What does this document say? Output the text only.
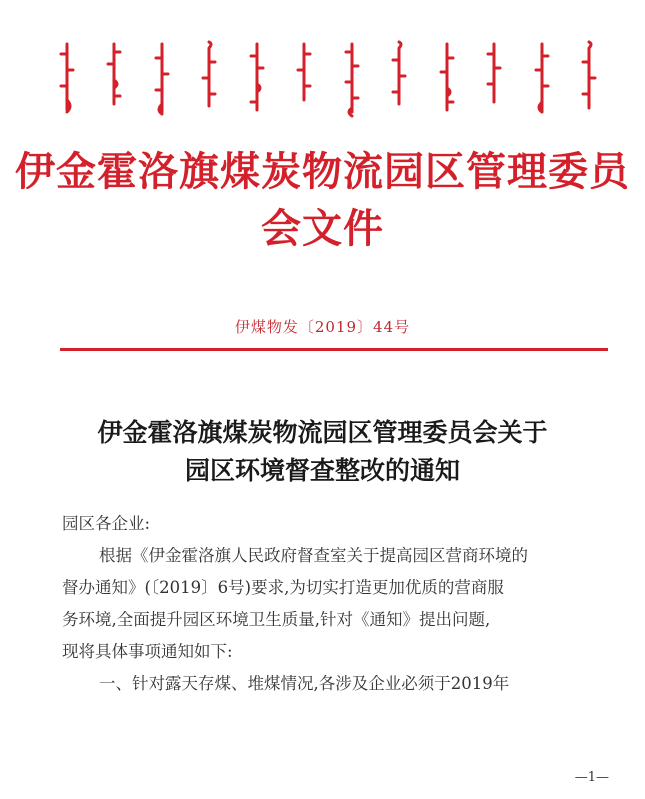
伊金霍洛旗煤炭物流园区管理委员会文件
伊煤物发〔2019〕44号
伊金霍洛旗煤炭物流园区管理委员会关于
园区环境督查整改的通知

园区各企业:

根据《伊金霍洛旗人民政府督查室关于提高园区营商环境的

督办通知》(〔2019〕6号)要求,为切实打造更加优质的营商服

务环境,全面提升园区环境卫生质量,针对《通知》提出问题,

现将具体事项通知如下:

一、针对露天存煤、堆煤情况,各涉及企业必须于2019年

—1—
